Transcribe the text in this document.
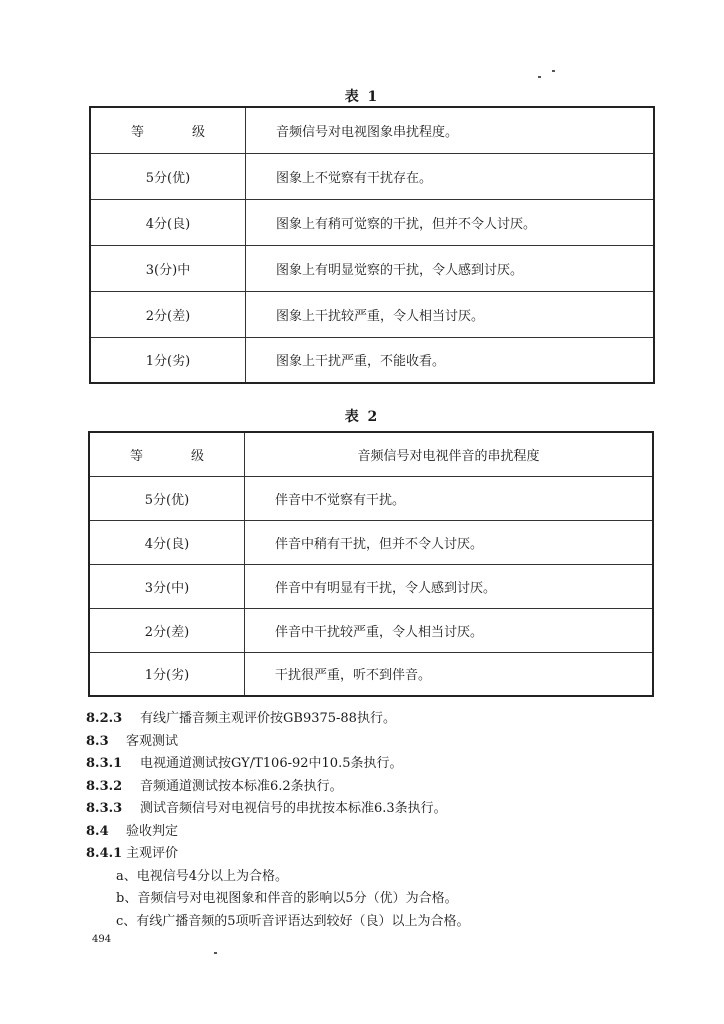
表 1
等 级	音频信号对电视图象串扰程度。
5分(优)	图象上不觉察有干扰存在。
4分(良)	图象上有稍可觉察的干扰，但并不令人讨厌。
3(分)中	图象上有明显觉察的干扰，令人感到讨厌。
2分(差)	图象上干扰较严重，令人相当讨厌。
1分(劣)	图象上干扰严重，不能收看。
表 2
等 级	音频信号对电视伴音的串扰程度
5分(优)	伴音中不觉察有干扰。
4分(良)	伴音中稍有干扰，但并不令人讨厌。
3分(中)	伴音中有明显有干扰，令人感到讨厌。
2分(差)	伴音中干扰较严重，令人相当讨厌。
1分(劣)	干扰很严重，听不到伴音。
8.2.3 有线广播音频主观评价按GB9375-88执行。
8.3 客观测试
8.3.1 电视通道测试按GY/T106-92中10.5条执行。
8.3.2 音频通道测试按本标准6.2条执行。
8.3.3 测试音频信号对电视信号的串扰按本标准6.3条执行。
8.4 验收判定
8.4.1 主观评价
a、电视信号4分以上为合格。
b、音频信号对电视图象和伴音的影响以5分（优）为合格。
c、有线广播音频的5项听音评语达到较好（良）以上为合格。
494
